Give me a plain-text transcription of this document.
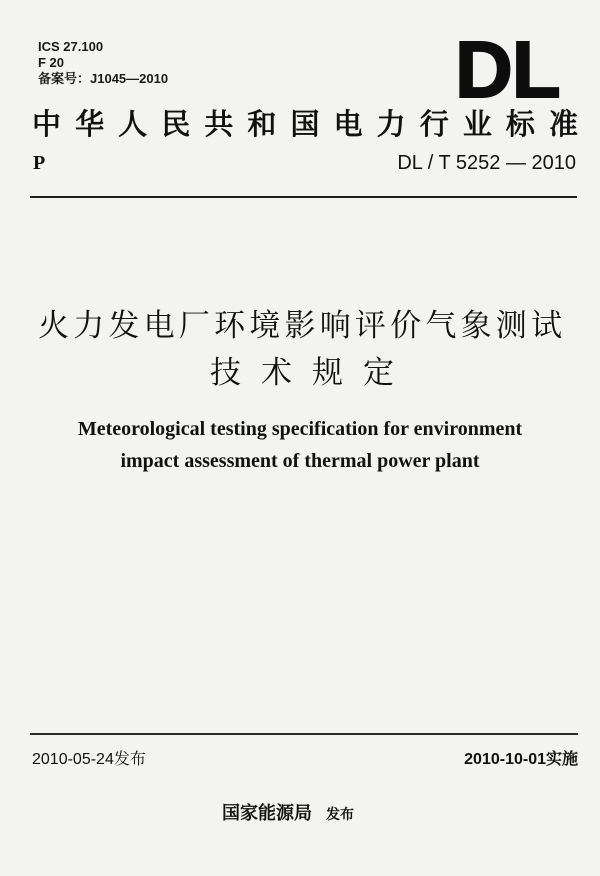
ICS 27.100
F 20
备案号：J1045—2010	DL
中华人民共和国电力行业标准
P	DL / T 5252 — 2010
火力发电厂环境影响评价气象测试
技 术 规 定
Meteorological testing specification for environment
impact assessment of thermal power plant
2010-05-24发布	2010-10-01实施
国家能源局 发布
